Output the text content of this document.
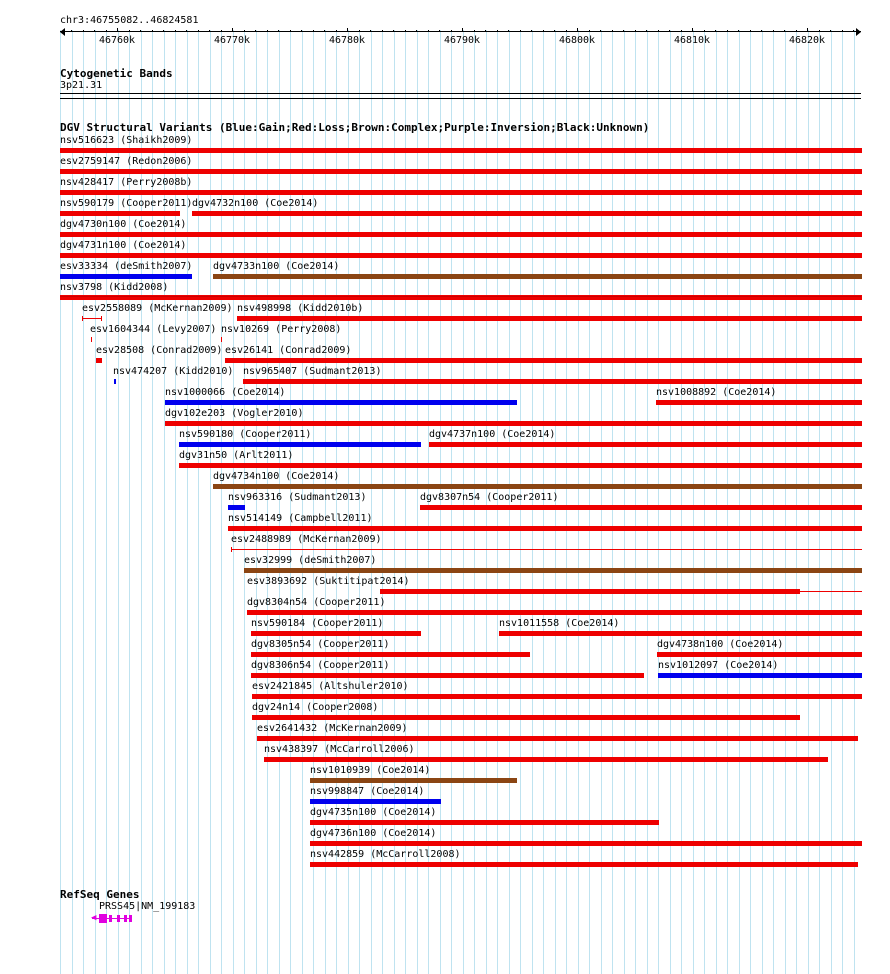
chr3:46755082..46824581
46760k	46770k	46780k	46790k	46800k	46810k	46820k
Cytogenetic Bands
3p21.31
DGV Structural Variants (Blue:Gain;Red:Loss;Brown:Complex;Purple:Inversion;Black:Unknown)
nsv516623 (Shaikh2009)
esv2759147 (Redon2006)
nsv428417 (Perry2008b)
nsv590179 (Cooper2011) dgv4732n100 (Coe2014)
dgv4730n100 (Coe2014)
dgv4731n100 (Coe2014)
esv33334 (deSmith2007) dgv4733n100 (Coe2014)
nsv3798 (Kidd2008)
esv2558089 (McKernan2009) nsv498998 (Kidd2010b)
esv1604344 (Levy2007) nsv10269 (Perry2008)
esv28508 (Conrad2009) esv26141 (Conrad2009)
nsv474207 (Kidd2010) nsv965407 (Sudmant2013)
nsv1000066 (Coe2014)	nsv1008892 (Coe2014)
dgv102e203 (Vogler2010)
nsv590180 (Cooper2011)	dgv4737n100 (Coe2014)
dgv31n50 (Arlt2011)
dgv4734n100 (Coe2014)
nsv963316 (Sudmant2013)	dgv8307n54 (Cooper2011)
nsv514149 (Campbell2011)
esv2488989 (McKernan2009)
esv32999 (deSmith2007)
esv3893692 (Suktitipat2014)
dgv8304n54 (Cooper2011)
nsv590184 (Cooper2011)	nsv1011558 (Coe2014)
dgv8305n54 (Cooper2011)	dgv4738n100 (Coe2014)
dgv8306n54 (Cooper2011)	nsv1012097 (Coe2014)
esv2421845 (Altshuler2010)
dgv24n14 (Cooper2008)
esv2641432 (McKernan2009)
nsv438397 (McCarroll2006)
nsv1010939 (Coe2014)
nsv998847 (Coe2014)
dgv4735n100 (Coe2014)
dgv4736n100 (Coe2014)
nsv442859 (McCarroll2008)
RefSeq Genes
PRSS45|NM_199183
◀
